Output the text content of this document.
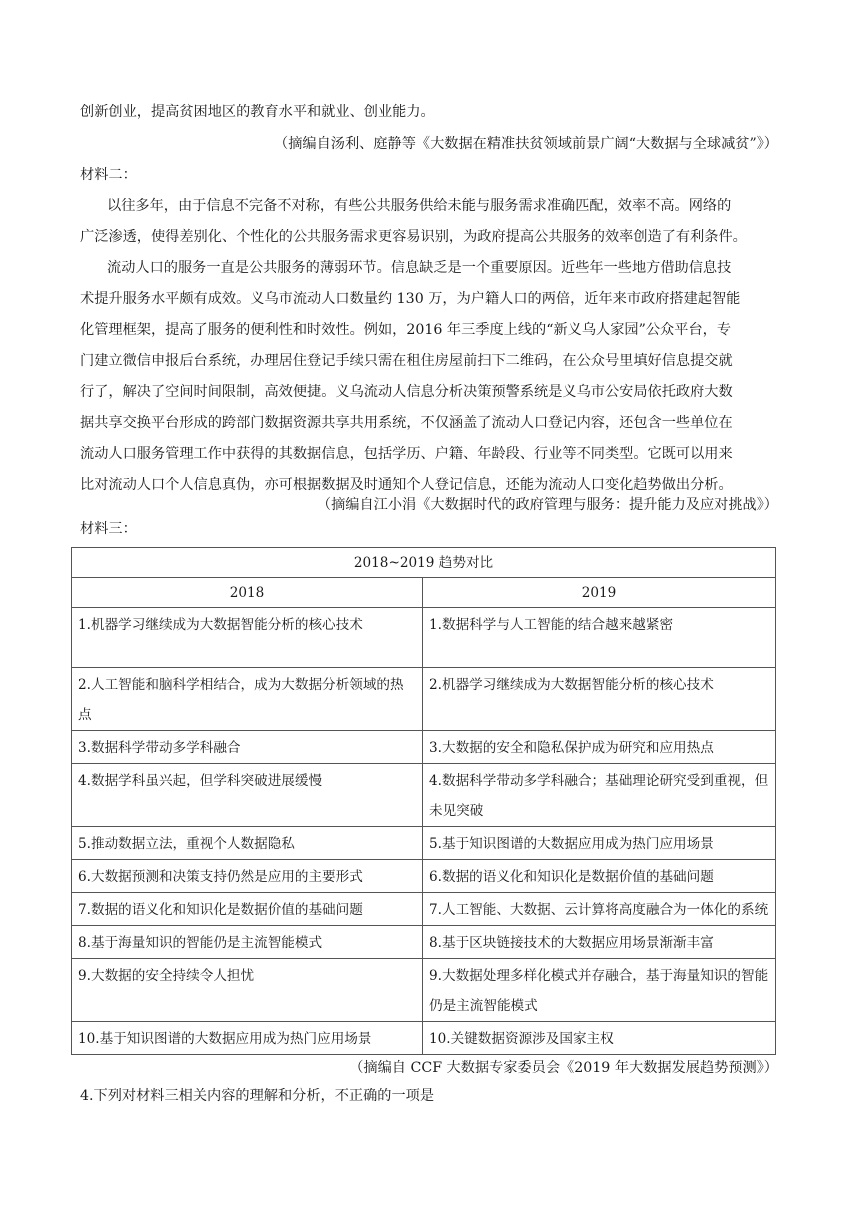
创新创业，提高贫困地区的教育水平和就业、创业能力。
（摘编自汤利、庭静等《大数据在精准扶贫领域前景广阔“大数据与全球减贫”》）
材料二：
以往多年，由于信息不完备不对称，有些公共服务供给未能与服务需求准确匹配，效率不高。网络的
广泛渗透，使得差别化、个性化的公共服务需求更容易识别，为政府提高公共服务的效率创造了有利条件。
流动人口的服务一直是公共服务的薄弱环节。信息缺乏是一个重要原因。近些年一些地方借助信息技
术提升服务水平颇有成效。义乌市流动人口数量约 130 万，为户籍人口的两倍，近年来市政府搭建起智能
化管理框架，提高了服务的便利性和时效性。例如，2016 年三季度上线的“新义乌人家园”公众平台，专
门建立微信申报后台系统，办理居住登记手续只需在租住房屋前扫下二维码，在公众号里填好信息提交就
行了，解决了空间时间限制，高效便捷。义乌流动人信息分析决策预警系统是义乌市公安局依托政府大数
据共享交换平台形成的跨部门数据资源共享共用系统，不仅涵盖了流动人口登记内容，还包含一些单位在
流动人口服务管理工作中获得的其数据信息，包括学历、户籍、年龄段、行业等不同类型。它既可以用来
比对流动人口个人信息真伪，亦可根据数据及时通知个人登记信息，还能为流动人口变化趋势做出分析。
（摘编自江小涓《大数据时代的政府管理与服务：提升能力及应对挑战》）
材料三：
2018~2019 趋势对比	
2018	2019
1.机器学习继续成为大数据智能分析的核心技术	1.数据科学与人工智能的结合越来越紧密
2.人工智能和脑科学相结合，成为大数据分析领域的热点	2.机器学习继续成为大数据智能分析的核心技术
3.数据科学带动多学科融合	3.大数据的安全和隐私保护成为研究和应用热点
4.数据学科虽兴起，但学科突破进展缓慢	4.数据科学带动多学科融合；基础理论研究受到重视，但未见突破
5.推动数据立法，重视个人数据隐私	5.基于知识图谱的大数据应用成为热门应用场景
6.大数据预测和决策支持仍然是应用的主要形式	6.数据的语义化和知识化是数据价值的基础问题
7.数据的语义化和知识化是数据价值的基础问题	7.人工智能、大数据、云计算将高度融合为一体化的系统
8.基于海量知识的智能仍是主流智能模式	8.基于区块链接技术的大数据应用场景渐渐丰富
9.大数据的安全持续令人担忧	9.大数据处理多样化模式并存融合，基于海量知识的智能仍是主流智能模式
10.基于知识图谱的大数据应用成为热门应用场景	10.关键数据资源涉及国家主权
（摘编自 CCF 大数据专家委员会《2019 年大数据发展趋势预测》）
4.下列对材料三相关内容的理解和分析，不正确的一项是
